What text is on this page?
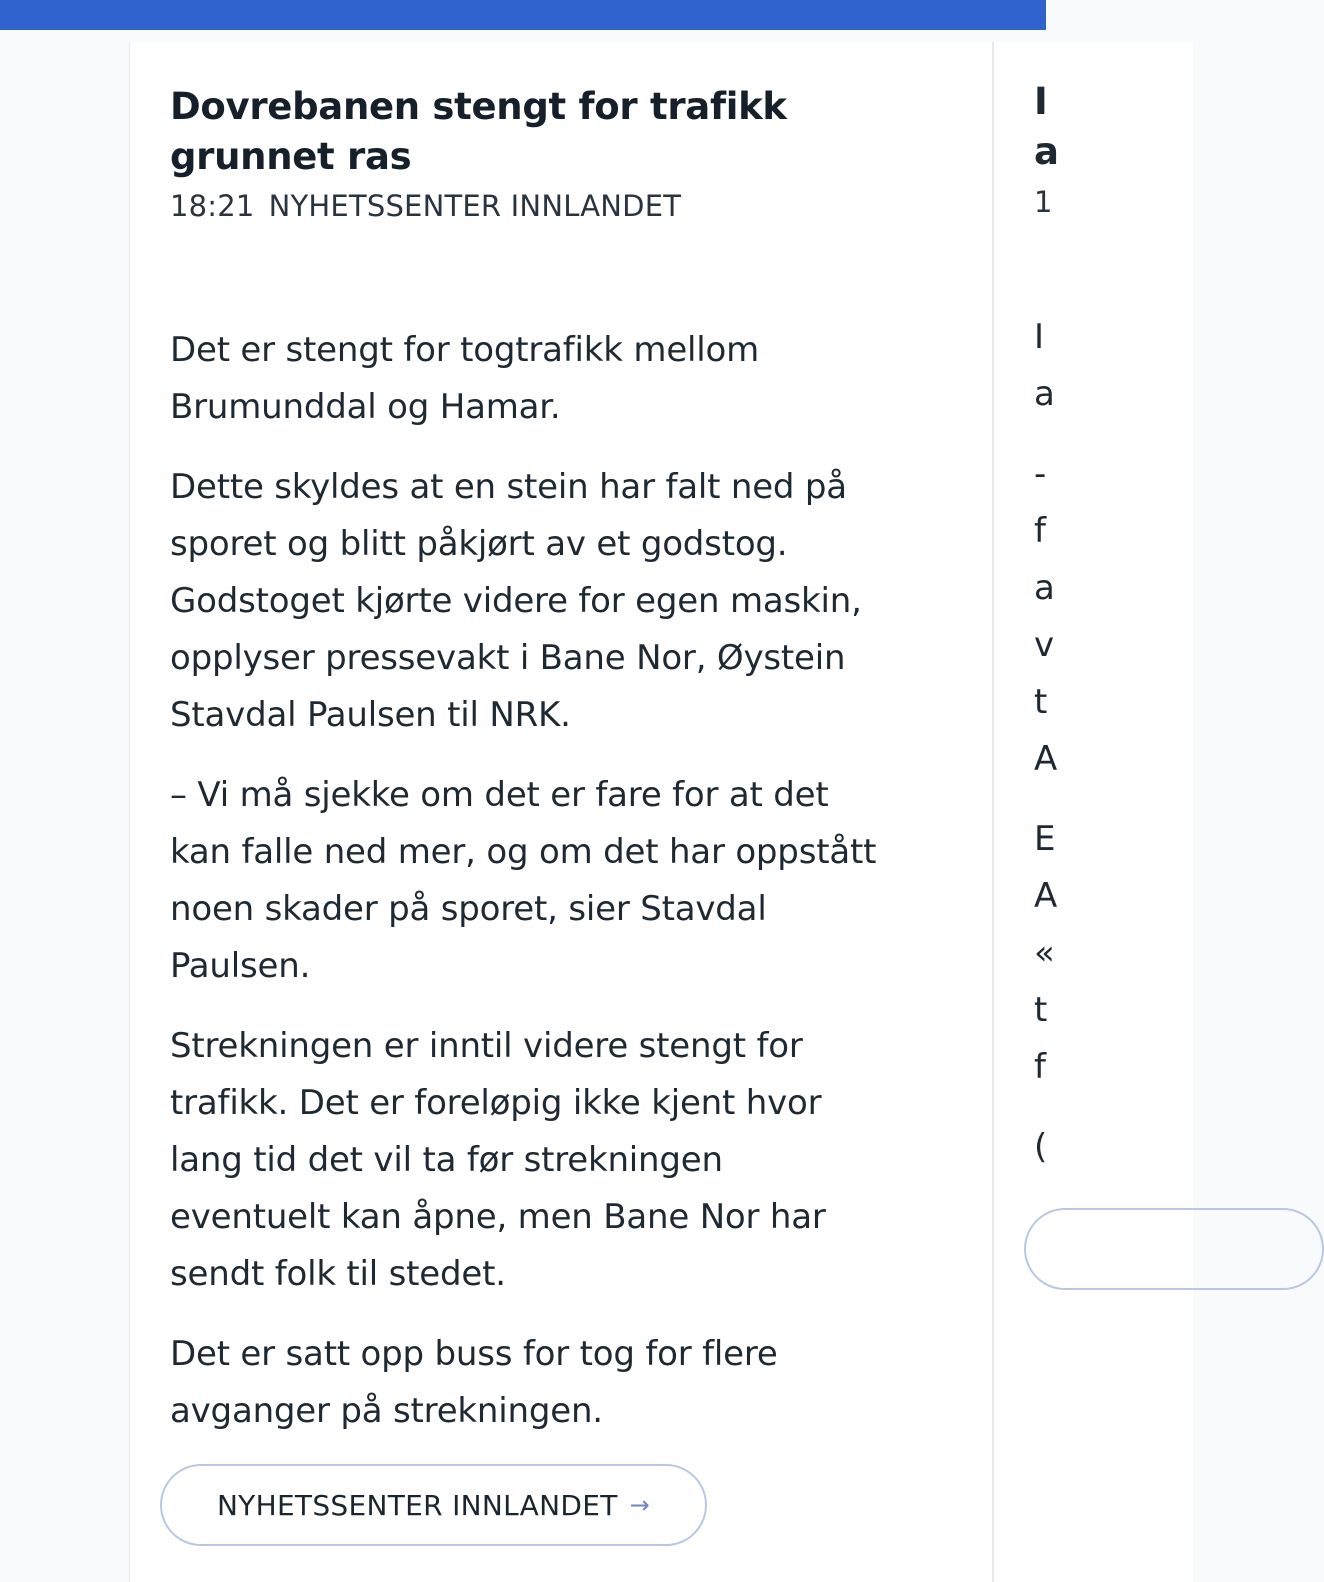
Dovrebanen stengt for trafikk grunnet ras
18:21 NYHETSSENTER INNLANDET

Det er stengt for togtrafikk mellom Brumunddal og Hamar.

Dette skyldes at en stein har falt ned på sporet og blitt påkjørt av et godstog. Godstoget kjørte videre for egen maskin, opplyser pressevakt i Bane Nor, Øystein Stavdal Paulsen til NRK.

– Vi må sjekke om det er fare for at det kan falle ned mer, og om det har oppstått noen skader på sporet, sier Stavdal Paulsen.

Strekningen er inntil videre stengt for trafikk. Det er foreløpig ikke kjent hvor lang tid det vil ta før strekningen eventuelt kan åpne, men Bane Nor har sendt folk til stedet.

Det er satt opp buss for tog for flere avganger på strekningen.

NYHETSSENTER INNLANDET →
I
a
1
I
a
-
f
a
v
t
A
E
A
«
t
f
(
